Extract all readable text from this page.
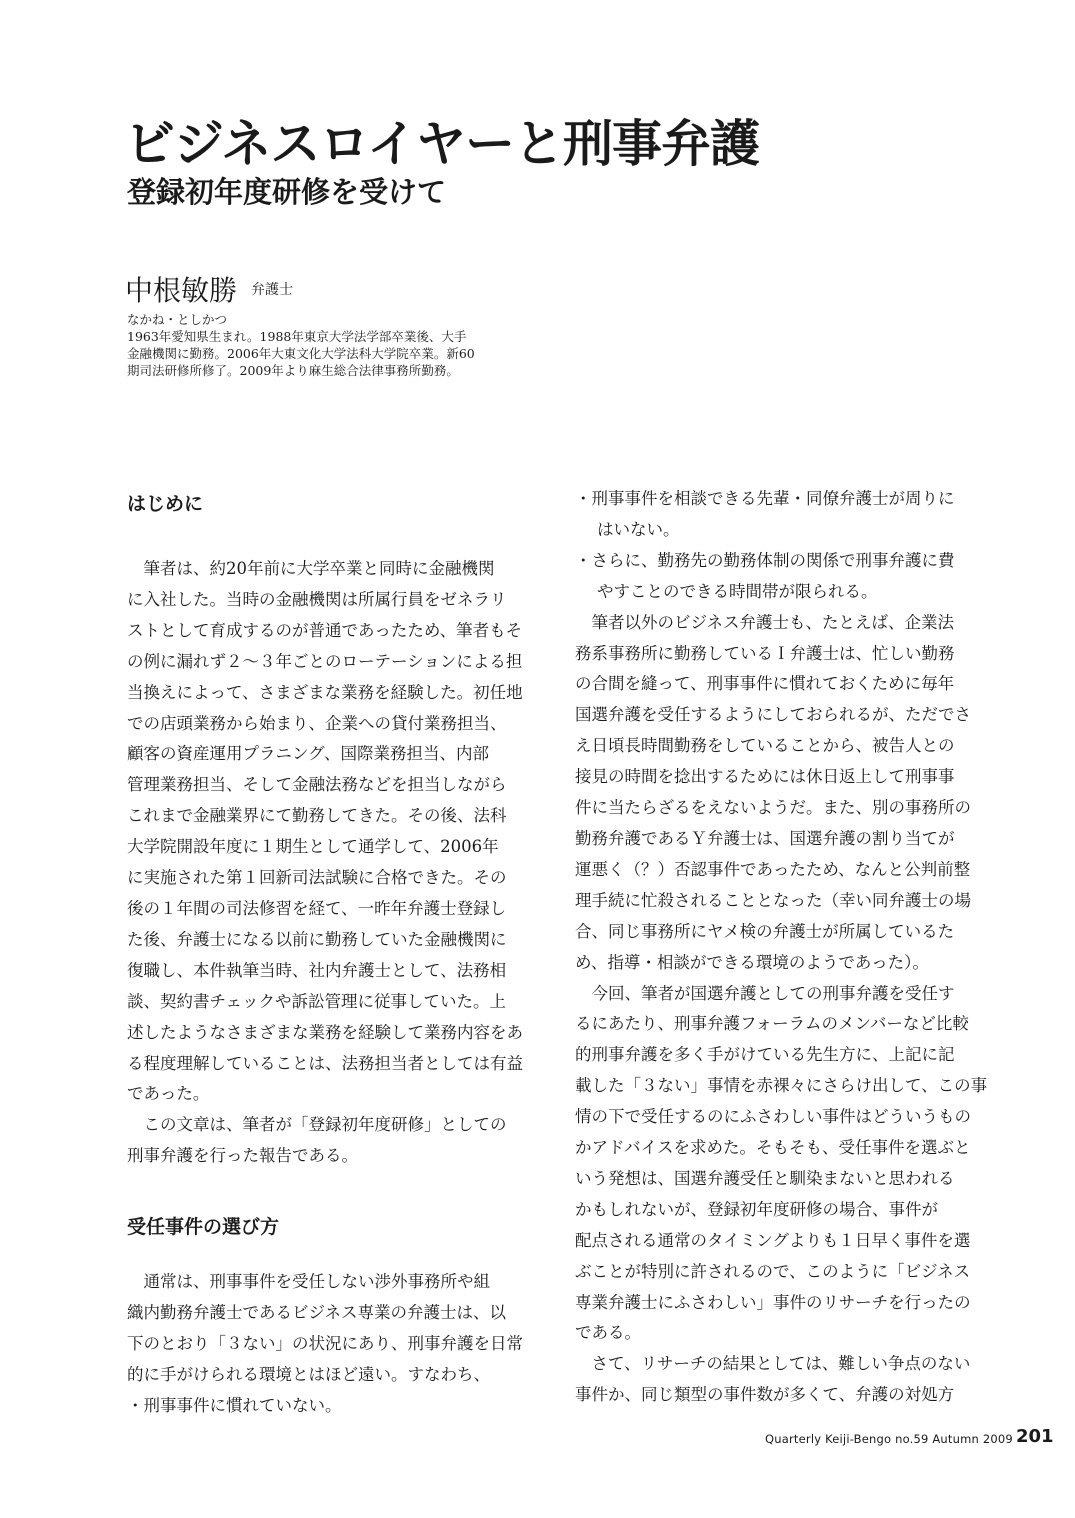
ビジネスロイヤーと刑事弁護
登録初年度研修を受けて
中根敏勝 弁護士

なかね・としかつ

1963年愛知県生まれ。1988年東京大学法学部卒業後、大手

金融機関に勤務。2006年大東文化大学法科大学院卒業。新60

期司法研修所修了。2009年より麻生総合法律事務所勤務。

はじめに

　筆者は、約20年前に大学卒業と同時に金融機関

に入社した。当時の金融機関は所属行員をゼネラリ

ストとして育成するのが普通であったため、筆者もそ

の例に漏れず２〜３年ごとのローテーションによる担

当換えによって、さまざまな業務を経験した。初任地

での店頭業務から始まり、企業への貸付業務担当、

顧客の資産運用プラニング、国際業務担当、内部

管理業務担当、そして金融法務などを担当しながら

これまで金融業界にて勤務してきた。その後、法科

大学院開設年度に１期生として通学して、2006年

に実施された第１回新司法試験に合格できた。その

後の１年間の司法修習を経て、一昨年弁護士登録し

た後、弁護士になる以前に勤務していた金融機関に

復職し、本件執筆当時、社内弁護士として、法務相

談、契約書チェックや訴訟管理に従事していた。上

述したようなさまざまな業務を経験して業務内容をあ

る程度理解していることは、法務担当者としては有益

であった。

　この文章は、筆者が「登録初年度研修」としての

刑事弁護を行った報告である。

受任事件の選び方

　通常は、刑事事件を受任しない渉外事務所や組

織内勤務弁護士であるビジネス専業の弁護士は、以

下のとおり「３ない」の状況にあり、刑事弁護を日常

的に手がけられる環境とはほど遠い。すなわち、

・刑事事件に慣れていない。

・刑事事件を相談できる先輩・同僚弁護士が周りに

はいない。

・さらに、勤務先の勤務体制の関係で刑事弁護に費

やすことのできる時間帯が限られる。

　筆者以外のビジネス弁護士も、たとえば、企業法

務系事務所に勤務しているＩ弁護士は、忙しい勤務

の合間を縫って、刑事事件に慣れておくために毎年

国選弁護を受任するようにしておられるが、ただでさ

え日頃長時間勤務をしていることから、被告人との

接見の時間を捻出するためには休日返上して刑事事

件に当たらざるをえないようだ。また、別の事務所の

勤務弁護であるＹ弁護士は、国選弁護の割り当てが

運悪く（？）否認事件であったため、なんと公判前整

理手続に忙殺されることとなった（幸い同弁護士の場

合、同じ事務所にヤメ検の弁護士が所属しているた

め、指導・相談ができる環境のようであった）。

　今回、筆者が国選弁護としての刑事弁護を受任す

るにあたり、刑事弁護フォーラムのメンバーなど比較

的刑事弁護を多く手がけている先生方に、上記に記

載した「３ない」事情を赤裸々にさらけ出して、この事

情の下で受任するのにふさわしい事件はどういうもの

かアドバイスを求めた。そもそも、受任事件を選ぶと

いう発想は、国選弁護受任と馴染まないと思われる

かもしれないが、登録初年度研修の場合、事件が

配点される通常のタイミングよりも１日早く事件を選

ぶことが特別に許されるので、このように「ビジネス

専業弁護士にふさわしい」事件のリサーチを行ったの

である。

　さて、リサーチの結果としては、難しい争点のない

事件か、同じ類型の事件数が多くて、弁護の対処方

Quarterly Keiji-Bengo no.59 Autumn 2009 201
